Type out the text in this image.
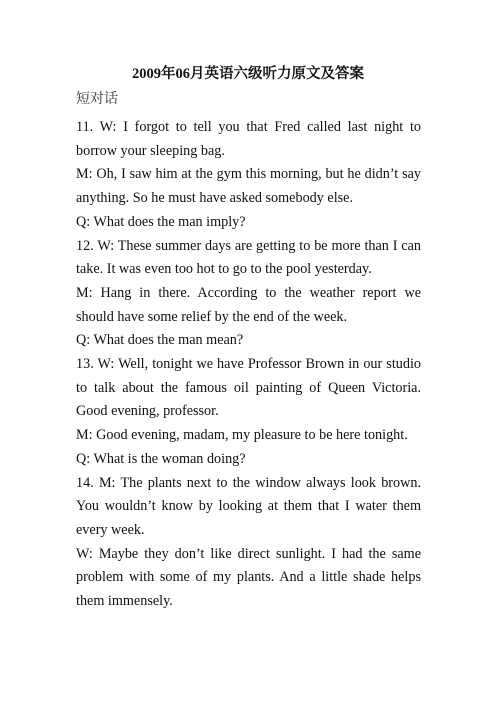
2009年06月英语六级听力原文及答案
短对话

11. W: I forgot to tell you that Fred called last night to borrow your sleeping bag.

M: Oh, I saw him at the gym this morning, but he didn’t say anything. So he must have asked somebody else.

Q: What does the man imply?

12. W: These summer days are getting to be more than I can take. It was even too hot to go to the pool yesterday.

M: Hang in there. According to the weather report we should have some relief by the end of the week.

Q: What does the man mean?

13. W: Well, tonight we have Professor Brown in our studio to talk about the famous oil painting of Queen Victoria. Good evening, professor.

M: Good evening, madam, my pleasure to be here tonight.

Q: What is the woman doing?

14. M: The plants next to the window always look brown. You wouldn’t know by looking at them that I water them every week.

W: Maybe they don’t like direct sunlight. I had the same problem with some of my plants. And a little shade helps them immensely.
